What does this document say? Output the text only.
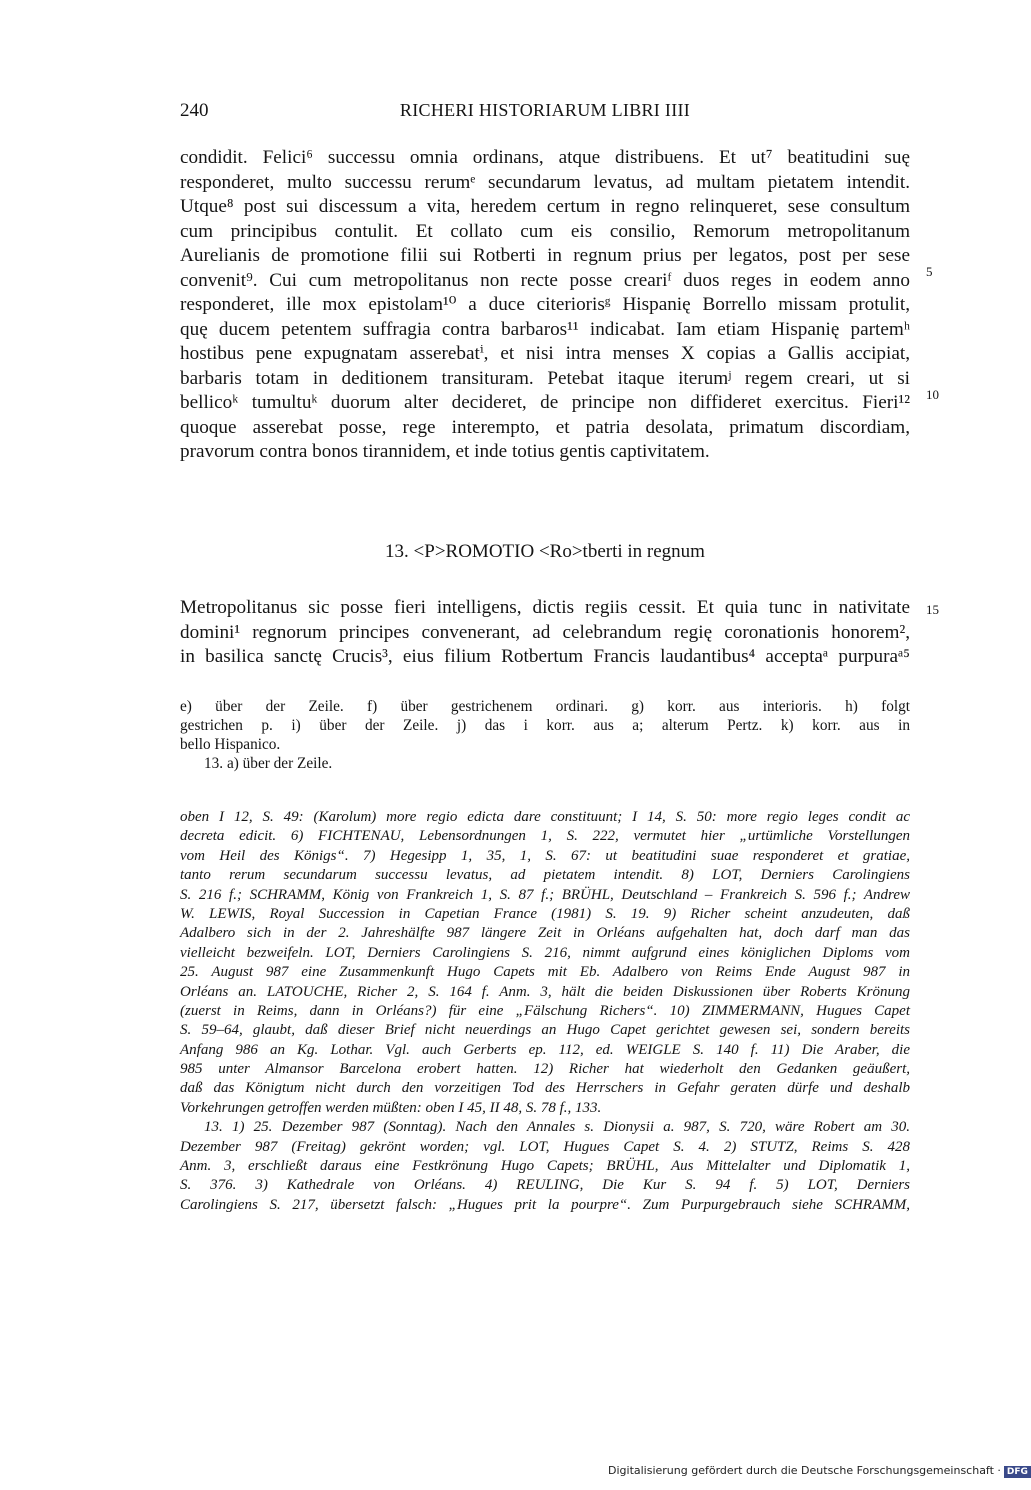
240	RICHERI HISTORIARUM LIBRI IIII
condidit. Felici⁶ successu omnia ordinans, atque distribuens. Et ut⁷ beatitudini suę
responderet, multo successu rerumᵉ secundarum levatus, ad multam pietatem intendit.
Utque⁸ post sui discessum a vita, heredem certum in regno relinqueret, sese consultum
cum principibus contulit. Et collato cum eis consilio, Remorum metropolitanum
Aurelianis de promotione filii sui Rotberti in regnum prius per legatos, post per sese
convenit⁹. Cui cum metropolitanus non recte posse creariᶠ duos reges in eodem anno
responderet, ille mox epistolam¹⁰ a duce citeriorisᵍ Hispanię Borrello missam protulit,
quę ducem petentem suffragia contra barbaros¹¹ indicabat. Iam etiam Hispanię partemʰ
hostibus pene expugnatam asserebatⁱ, et nisi intra menses X copias a Gallis accipiat,
barbaris totam in deditionem transituram. Petebat itaque iterumʲ regem creari, ut si
bellicoᵏ tumultuᵏ duorum alter decideret, de principe non diffideret exercitus. Fieri¹²
quoque asserebat posse, rege interempto, et patria desolata, primatum discordiam,
pravorum contra bonos tirannidem, et inde totius gentis captivitatem.
5
10
15
13. <P>ROMOTIO <Ro>tberti in regnum
Metropolitanus sic posse fieri intelligens, dictis regiis cessit. Et quia tunc in nativitate
domini¹ regnorum principes convenerant, ad celebrandum regię coronationis honorem²,
in basilica sanctę Crucis³, eius filium Rotbertum Francis laudantibus⁴ acceptaᵃ purpuraᵃ⁵
e) über der Zeile. f) über gestrichenem ordinari. g) korr. aus interioris. h) folgt
gestrichen p. i) über der Zeile. j) das i korr. aus a; alterum Pertz. k) korr. aus in
bello Hispanico.
13. a) über der Zeile.
oben I 12, S. 49: (Karolum) more regio edicta dare constituunt; I 14, S. 50: more regio leges condit ac
decreta edicit. 6) FICHTENAU, Lebensordnungen 1, S. 222, vermutet hier „urtümliche Vorstellungen
vom Heil des Königs“. 7) Hegesipp 1, 35, 1, S. 67: ut beatitudini suae responderet et gratiae,
tanto rerum secundarum successu levatus, ad pietatem intendit. 8) LOT, Derniers Carolingiens
S. 216 f.; SCHRAMM, König von Frankreich 1, S. 87 f.; BRÜHL, Deutschland – Frankreich S. 596 f.; Andrew
W. LEWIS, Royal Succession in Capetian France (1981) S. 19. 9) Richer scheint anzudeuten, daß
Adalbero sich in der 2. Jahreshälfte 987 längere Zeit in Orléans aufgehalten hat, doch darf man das
vielleicht bezweifeln. LOT, Derniers Carolingiens S. 216, nimmt aufgrund eines königlichen Diploms vom
25. August 987 eine Zusammenkunft Hugo Capets mit Eb. Adalbero von Reims Ende August 987 in
Orléans an. LATOUCHE, Richer 2, S. 164 f. Anm. 3, hält die beiden Diskussionen über Roberts Krönung
(zuerst in Reims, dann in Orléans?) für eine „Fälschung Richers“. 10) ZIMMERMANN, Hugues Capet
S. 59–64, glaubt, daß dieser Brief nicht neuerdings an Hugo Capet gerichtet gewesen sei, sondern bereits
Anfang 986 an Kg. Lothar. Vgl. auch Gerberts ep. 112, ed. WEIGLE S. 140 f. 11) Die Araber, die
985 unter Almansor Barcelona erobert hatten. 12) Richer hat wiederholt den Gedanken geäußert,
daß das Königtum nicht durch den vorzeitigen Tod des Herrschers in Gefahr geraten dürfe und deshalb
Vorkehrungen getroffen werden müßten: oben I 45, II 48, S. 78 f., 133.
13. 1) 25. Dezember 987 (Sonntag). Nach den Annales s. Dionysii a. 987, S. 720, wäre Robert am 30.
Dezember 987 (Freitag) gekrönt worden; vgl. LOT, Hugues Capet S. 4. 2) STUTZ, Reims S. 428
Anm. 3, erschließt daraus eine Festkrönung Hugo Capets; BRÜHL, Aus Mittelalter und Diplomatik 1,
S. 376. 3) Kathedrale von Orléans. 4) REULING, Die Kur S. 94 f. 5) LOT, Derniers
Carolingiens S. 217, übersetzt falsch: „Hugues prit la pourpre“. Zum Purpurgebrauch siehe SCHRAMM,
Digitalisierung gefördert durch die Deutsche Forschungsgemeinschaft · DFG
